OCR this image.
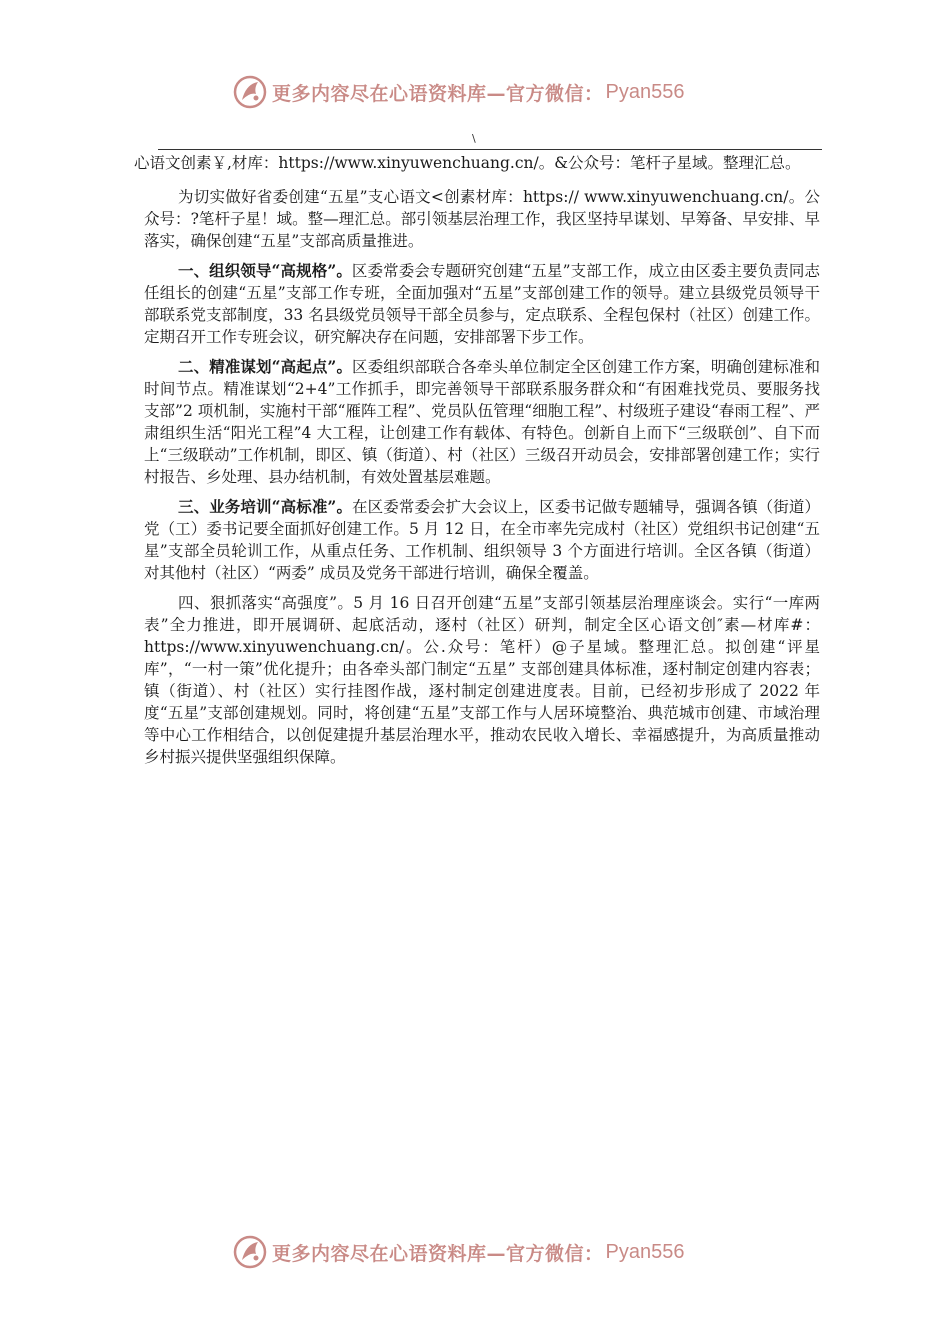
更多内容尽在心语资料库—官方微信： Pyan556
\

心语文创素￥,材库：https://www.xinyuwenchuang.cn/。&公众号：笔杆子星域。整理汇总。

为切实做好省委创建“五星”支心语文<创素材库：https:// www.xinyuwenchuang.cn/。公众号：?笔杆子星！域。整—理汇总。部引领基层治理工作，我区坚持早谋划、早筹备、早安排、早落实，确保创建“五星”支部高质量推进。

一、组织领导“高规格”。区委常委会专题研究创建“五星”支部工作，成立由区委主要负责同志任组长的创建“五星”支部工作专班，全面加强对“五星”支部创建工作的领导。建立县级党员领导干部联系党支部制度，33 名县级党员领导干部全员参与，定点联系、全程包保村（社区）创建工作。定期召开工作专班会议，研究解决存在问题，安排部署下步工作。

二、精准谋划“高起点”。区委组织部联合各牵头单位制定全区创建工作方案，明确创建标准和时间节点。精准谋划“2+4”工作抓手，即完善领导干部联系服务群众和“有困难找党员、要服务找支部”2 项机制，实施村干部“雁阵工程”、党员队伍管理“细胞工程”、村级班子建设“春雨工程”、严肃组织生活“阳光工程”4 大工程，让创建工作有载体、有特色。创新自上而下“三级联创”、自下而上“三级联动”工作机制，即区、镇（街道）、村（社区）三级召开动员会，安排部署创建工作；实行村报告、乡处理、县办结机制，有效处置基层难题。

三、业务培训“高标准”。在区委常委会扩大会议上，区委书记做专题辅导，强调各镇（街道）党（工）委书记要全面抓好创建工作。5 月 12 日，在全市率先完成村（社区）党组织书记创建“五星”支部全员轮训工作，从重点任务、工作机制、组织领导 3 个方面进行培训。全区各镇（街道）对其他村（社区）“两委” 成员及党务干部进行培训，确保全覆盖。

四、狠抓落实“高强度”。5 月 16 日召开创建“五星”支部引领基层治理座谈会。实行“一库两表”全力推进，即开展调研、起底活动，逐村（社区）研判，制定全区心语文创″素—材库#：https://www.xinyuwenchuang.cn/。公.众号：笔杆）@子星域。整理汇总。拟创建“评星库”，“一村一策”优化提升；由各牵头部门制定“五星” 支部创建具体标准，逐村制定创建内容表；镇（街道）、村（社区）实行挂图作战，逐村制定创建进度表。目前，已经初步形成了 2022 年度“五星”支部创建规划。同时，将创建“五星”支部工作与人居环境整治、典范城市创建、市域治理等中心工作相结合，以创促建提升基层治理水平，推动农民收入增长、幸福感提升，为高质量推动乡村振兴提供坚强组织保障。

更多内容尽在心语资料库—官方微信： Pyan556
